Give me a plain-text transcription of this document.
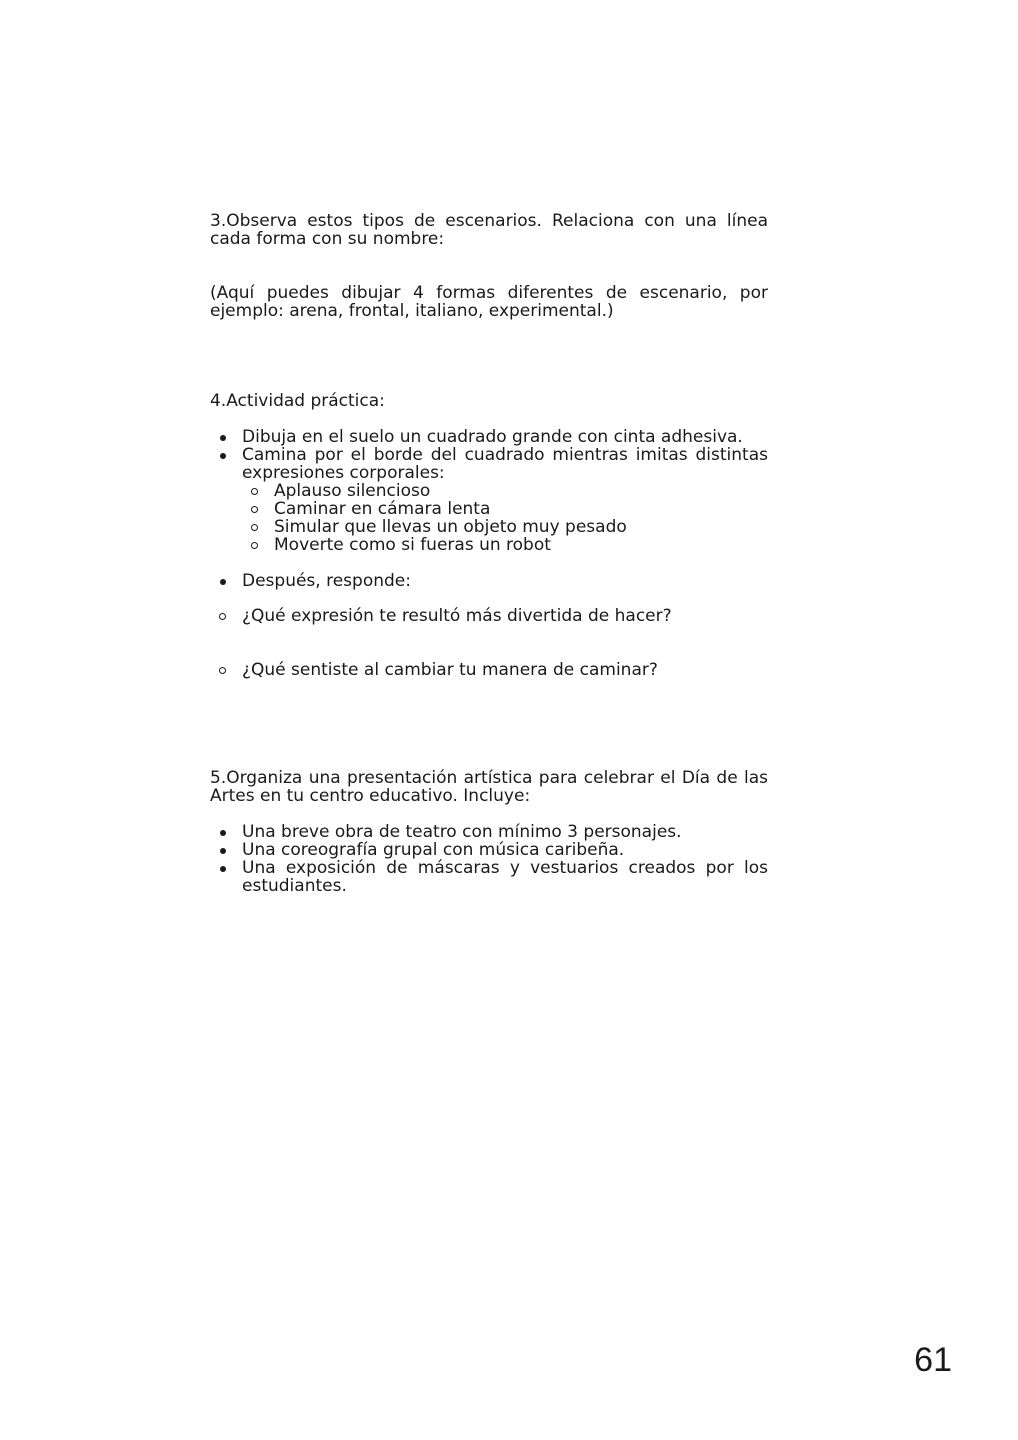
3.Observa estos tipos de escenarios. Relaciona con una línea cada forma con su nombre:
(Aquí puedes dibujar 4 formas diferentes de escenario, por ejemplo: arena, frontal, italiano, experimental.)
4.Actividad práctica:
Dibuja en el suelo un cuadrado grande con cinta adhesiva.
Camina por el borde del cuadrado mientras imitas distintas expresiones corporales:
Aplauso silencioso
Caminar en cámara lenta
Simular que llevas un objeto muy pesado
Moverte como si fueras un robot
Después, responde:
¿Qué expresión te resultó más divertida de hacer?
¿Qué sentiste al cambiar tu manera de caminar?
5.Organiza una presentación artística para celebrar el Día de las Artes en tu centro educativo. Incluye:
Una breve obra de teatro con mínimo 3 personajes.
Una coreografía grupal con música caribeña.
Una exposición de máscaras y vestuarios creados por los estudiantes.
61
